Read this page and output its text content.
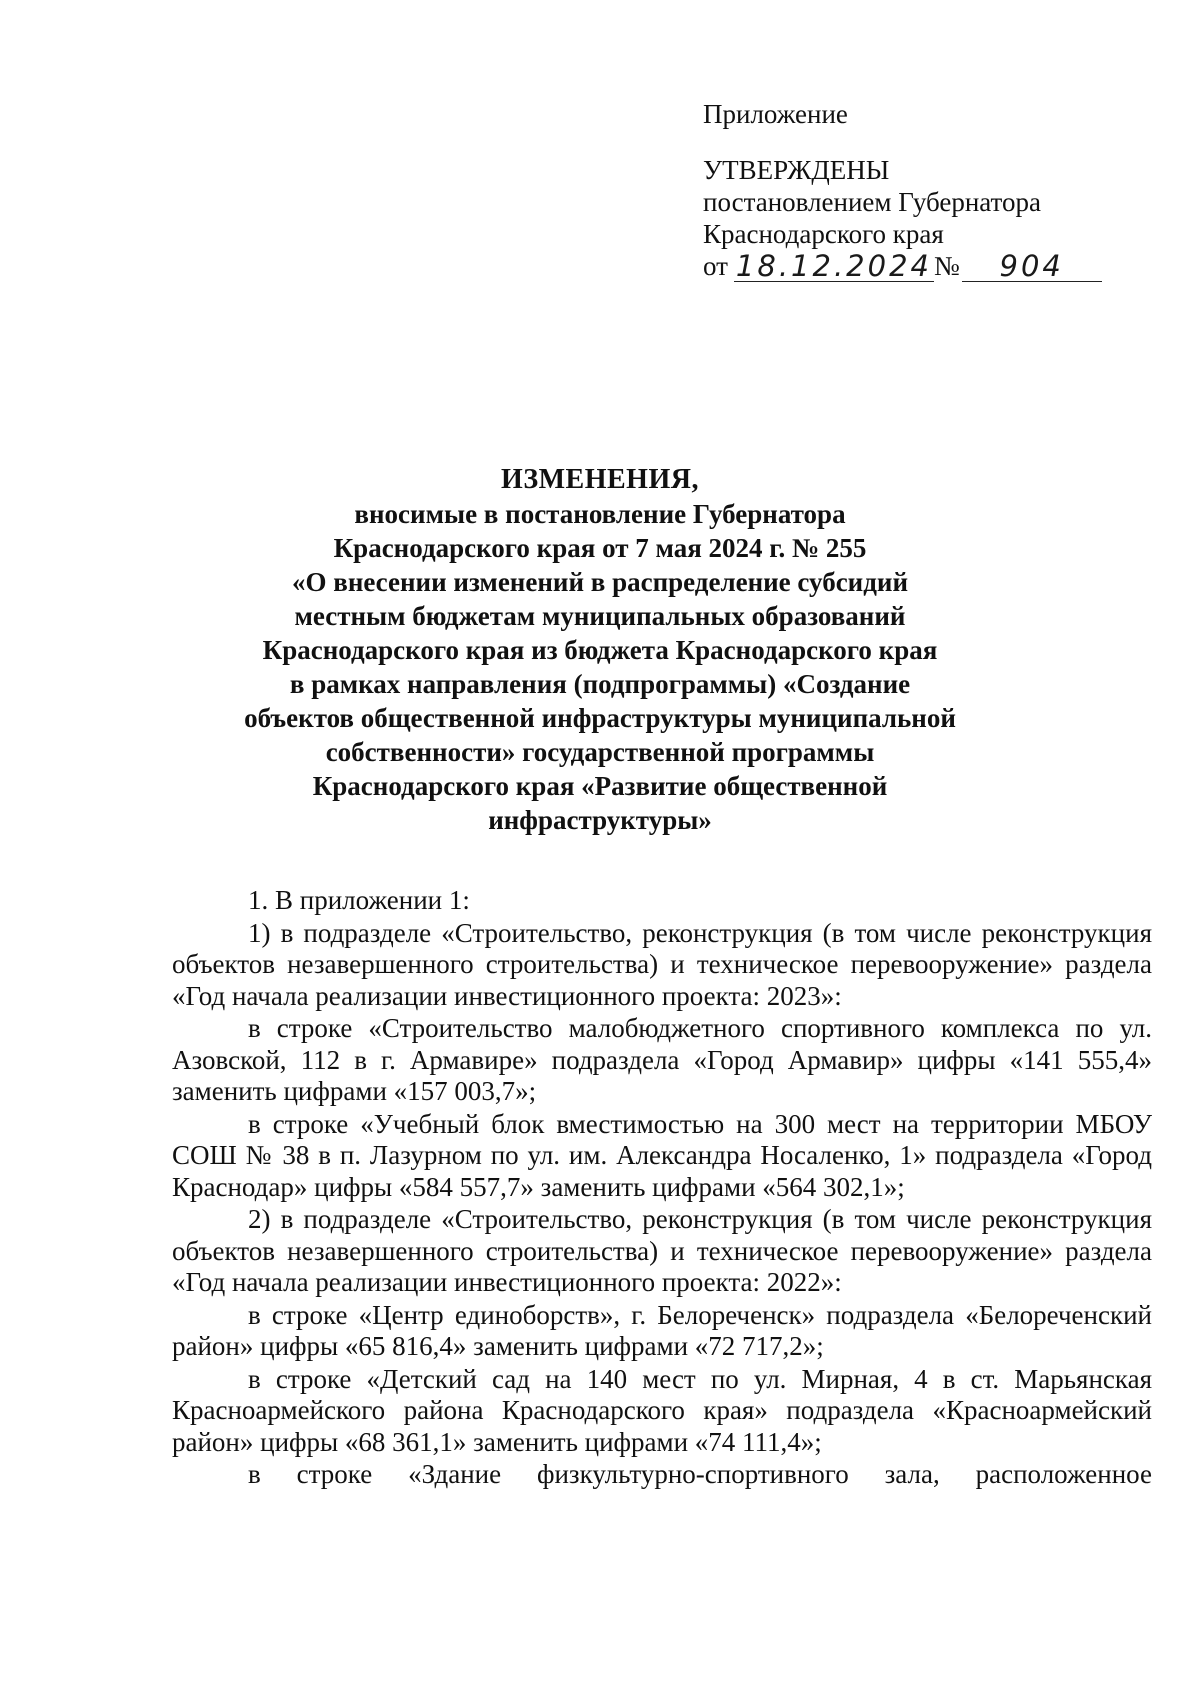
Приложение
УТВЕРЖДЕНЫ
постановлением Губернатора
Краснодарского края
от 18.12.2024 №	904
ИЗМЕНЕНИЯ,
вносимые в постановление Губернатора
Краснодарского края от 7 мая 2024 г. № 255
«О внесении изменений в распределение субсидий
местным бюджетам муниципальных образований
Краснодарского края из бюджета Краснодарского края
в рамках направления (подпрограммы) «Создание
объектов общественной инфраструктуры муниципальной
собственности» государственной программы
Краснодарского края «Развитие общественной
инфраструктуры»

1. В приложении 1:

1) в подразделе «Строительство, реконструкция (в том числе реконструкция объектов незавершенного строительства) и техническое перевооружение» раздела «Год начала реализации инвестиционного проекта: 2023»:

в строке «Строительство малобюджетного спортивного комплекса по ул. Азовской, 112 в г. Армавире» подраздела «Город Армавир» цифры «141 555,4» заменить цифрами «157 003,7»;

в строке «Учебный блок вместимостью на 300 мест на территории МБОУ СОШ № 38 в п. Лазурном по ул. им. Александра Носаленко, 1» подраздела «Город Краснодар» цифры «584 557,7» заменить цифрами «564 302,1»;

2) в подразделе «Строительство, реконструкция (в том числе реконструкция объектов незавершенного строительства) и техническое перевооружение» раздела «Год начала реализации инвестиционного проекта: 2022»:

в строке «Центр единоборств», г. Белореченск» подраздела «Белореченский район» цифры «65 816,4» заменить цифрами «72 717,2»;

в строке «Детский сад на 140 мест по ул. Мирная, 4 в ст. Марьянская Красноармейского района Краснодарского края» подраздела «Красноармейский район» цифры «68 361,1» заменить цифрами «74 111,4»;

в строке «Здание физкультурно-спортивного зала, расположенное
